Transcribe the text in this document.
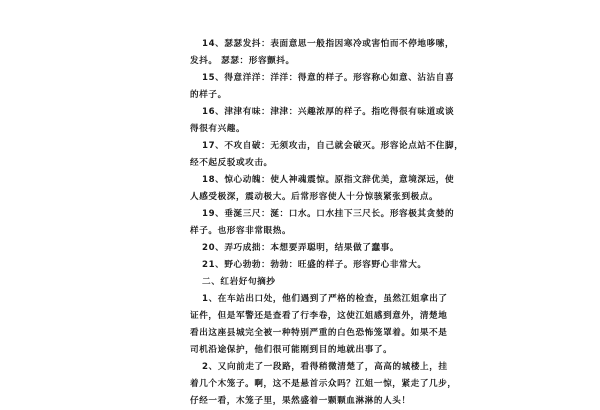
14、瑟瑟发抖：表面意思一般指因寒冷或害怕而不停地哆嗦，
发抖。 瑟瑟：形容颤抖。
15、得意洋洋：洋洋：得意的样子。形容称心如意、沾沾自喜
的样子。
16、津津有味：津津：兴趣浓厚的样子。指吃得很有味道或谈
得很有兴趣。
17、不攻自破：无须攻击，自己就会破灭。形容论点站不住脚，
经不起反驳或攻击。
18、惊心动魄：使人神魂震惊。原指文辞优美，意境深远，使
人感受极深，震动极大。后常形容使人十分惊骇紧张到极点。
19、垂涎三尺：涎：口水。口水挂下三尺长。形容极其贪婪的
样子。也形容非常眼热。
20、弄巧成拙：本想要弄聪明，结果做了蠢事。
21、野心勃勃：勃勃：旺盛的样子。形容野心非常大。
二、红岩好句摘抄
1、在车站出口处，他们遇到了严格的检查，虽然江姐拿出了
证件，但是军警还是查看了行李卷，这使江姐感到意外，清楚地
看出这座县城完全被一种特别严重的白色恐怖笼罩着。如果不是
司机沿途保护，他们很可能刚到目的地就出事了。
2、又向前走了一段路，看得稍微清楚了，高高的城楼上，挂
着几个木笼子。啊，这不是悬首示众吗？江姐一惊，紧走了几步，
仔经一看，木笼子里，果然盛着一颗颗血淋淋的人头！
